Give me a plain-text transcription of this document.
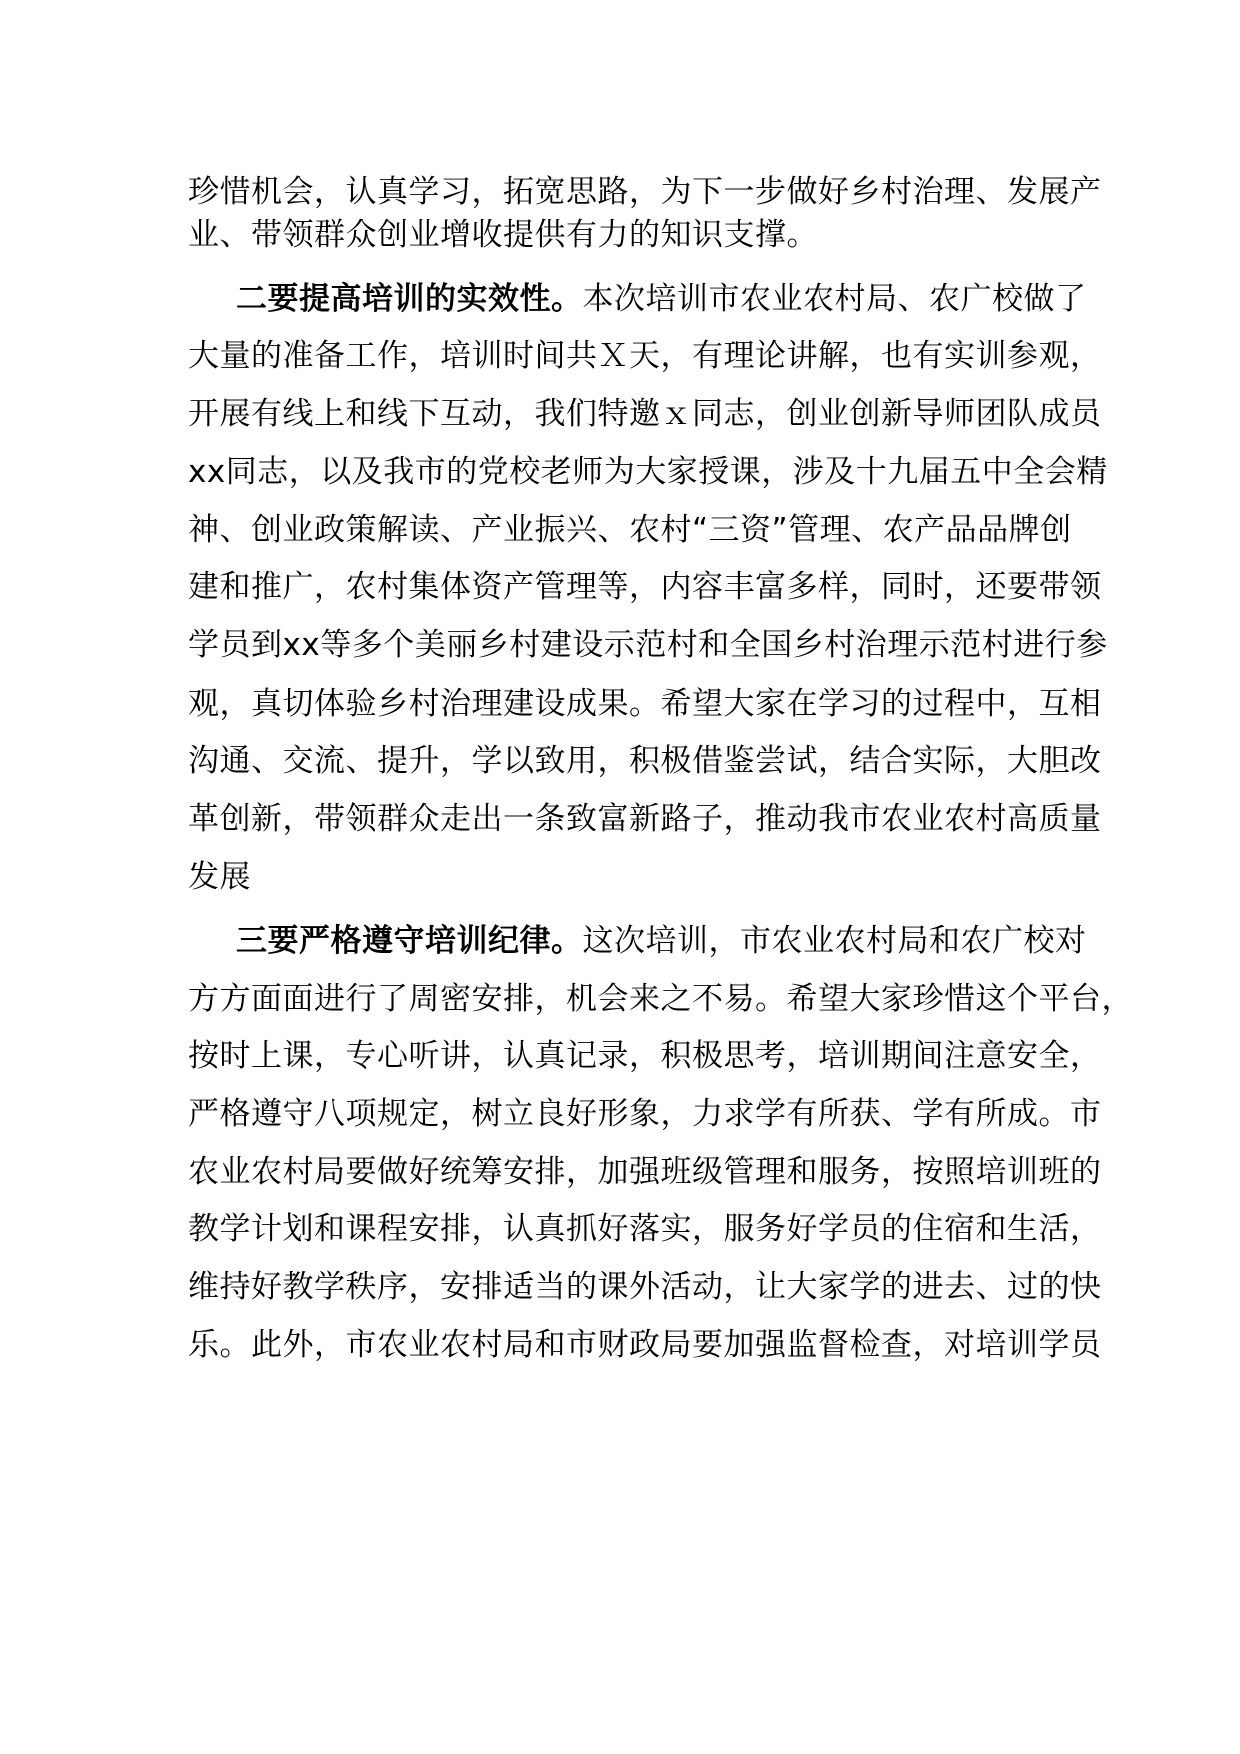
珍惜机会，认真学习，拓宽思路，为下一步做好乡村治理、发展产
业、带领群众创业增收提供有力的知识支撑。
二要提高培训的实效性。本次培训市农业农村局、农广校做了
大量的准备工作，培训时间共Ｘ天，有理论讲解，也有实训参观，
开展有线上和线下互动，我们特邀ｘ同志，创业创新导师团队成员
xx同志，以及我市的党校老师为大家授课，涉及十九届五中全会精
神、创业政策解读、产业振兴、农村“三资”管理、农产品品牌创
建和推广，农村集体资产管理等，内容丰富多样，同时，还要带领
学员到xx等多个美丽乡村建设示范村和全国乡村治理示范村进行参
观，真切体验乡村治理建设成果。希望大家在学习的过程中，互相
沟通、交流、提升，学以致用，积极借鉴尝试，结合实际，大胆改
革创新，带领群众走出一条致富新路子，推动我市农业农村高质量
发展
三要严格遵守培训纪律。这次培训，市农业农村局和农广校对
方方面面进行了周密安排，机会来之不易。希望大家珍惜这个平台，
按时上课，专心听讲，认真记录，积极思考，培训期间注意安全，
严格遵守八项规定，树立良好形象，力求学有所获、学有所成。市
农业农村局要做好统筹安排，加强班级管理和服务，按照培训班的
教学计划和课程安排，认真抓好落实，服务好学员的住宿和生活，
维持好教学秩序，安排适当的课外活动，让大家学的进去、过的快
乐。此外，市农业农村局和市财政局要加强监督检查，对培训学员
